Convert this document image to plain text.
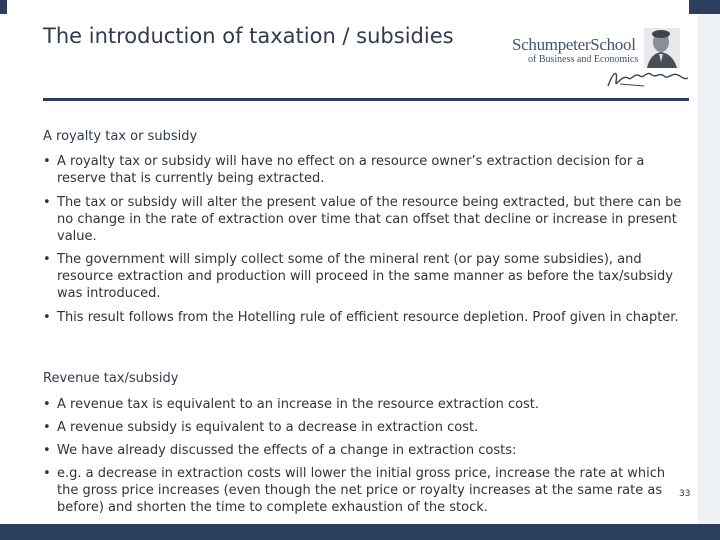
The introduction of taxation / subsidies	SchumpeterSchool
of Business and Economics
A royalty tax or subsidy
• A royalty tax or subsidy will have no effect on a resource owner’s extraction decision for a reserve that is currently being extracted.
• The tax or subsidy will alter the present value of the resource being extracted, but there can be no change in the rate of extraction over time that can offset that decline or increase in present value.
• The government will simply collect some of the mineral rent (or pay some subsidies), and resource extraction and production will proceed in the same manner as before the tax/subsidy was introduced.
• This result follows from the Hotelling rule of efficient resource depletion. Proof given in chapter.
Revenue tax/subsidy
• A revenue tax is equivalent to an increase in the resource extraction cost.
• A revenue subsidy is equivalent to a decrease in extraction cost.
• We have already discussed the effects of a change in extraction costs:
• e.g. a decrease in extraction costs will lower the initial gross price, increase the rate at which the gross price increases (even though the net price or royalty increases at the same rate as before) and shorten the time to complete exhaustion of the stock.
33
